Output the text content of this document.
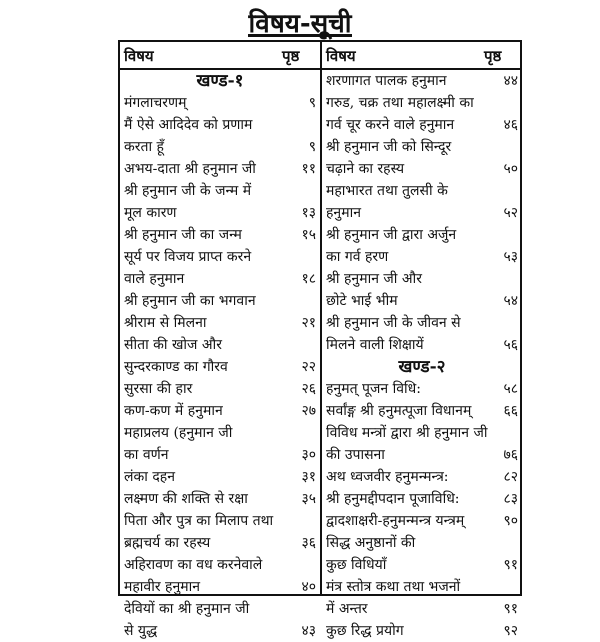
विषय-सूची
विषय	पृष्ठ विषय	पृष्ठ
खण्ड-१
मंगलाचरणम्	९
मैं ऐसे आदिदेव को प्रणाम
करता हूँ	९
अभय-दाता श्री हनुमान जी	११
श्री हनुमान जी के जन्म में
मूल कारण	१३
श्री हनुमान जी का जन्म	१५
सूर्य पर विजय प्राप्त करने
वाले हनुमान	१८
श्री हनुमान जी का भगवान
श्रीराम से मिलना	२१
सीता की खोज और
सुन्दरकाण्ड का गौरव	२२
सुरसा की हार	२६
कण-कण में हनुमान	२७
महाप्रलय (हनुमान जी
का वर्णन	३०
लंका दहन	३१
लक्ष्मण की शक्ति से रक्षा	३५
पिता और पुत्र का मिलाप तथा
ब्रह्मचर्य का रहस्य	३६
अहिरावण का वध करनेवाले
महावीर हनुमान	४०
देवियों का श्री हनुमान जी
से युद्ध	४३
शरणागत पालक हनुमान	४४
गरुड, चक्र तथा महालक्ष्मी का
गर्व चूर करने वाले हनुमान	४६
श्री हनुमान जी को सिन्दूर
चढ़ाने का रहस्य	५०
महाभारत तथा तुलसी के
हनुमान	५२
श्री हनुमान जी द्वारा अर्जुन
का गर्व हरण	५३
श्री हनुमान जी और
छोटे भाई भीम	५४
श्री हनुमान जी के जीवन से
मिलने वाली शिक्षायें	५६
खण्ड-२
हनुमत् पूजन विधि:	५८
सर्वांङ्ग श्री हनुमत्पूजा विधानम् ६६
विविध मन्त्रों द्वारा श्री हनुमान जी
की उपासना	७६
अथ ध्वजवीर हनुमन्मन्त्र:	८२
श्री हनुमद्दीपदान पूजाविधि:	८३
द्वादशाक्षरी-हनुमन्मन्त्र यन्त्रम्	९०
सिद्ध अनुष्ठानों की
कुछ विधियाँ	९१
मंत्र स्तोत्र कथा तथा भजनों
में अन्तर	९१
कुछ रिद्ध प्रयोग	९२
